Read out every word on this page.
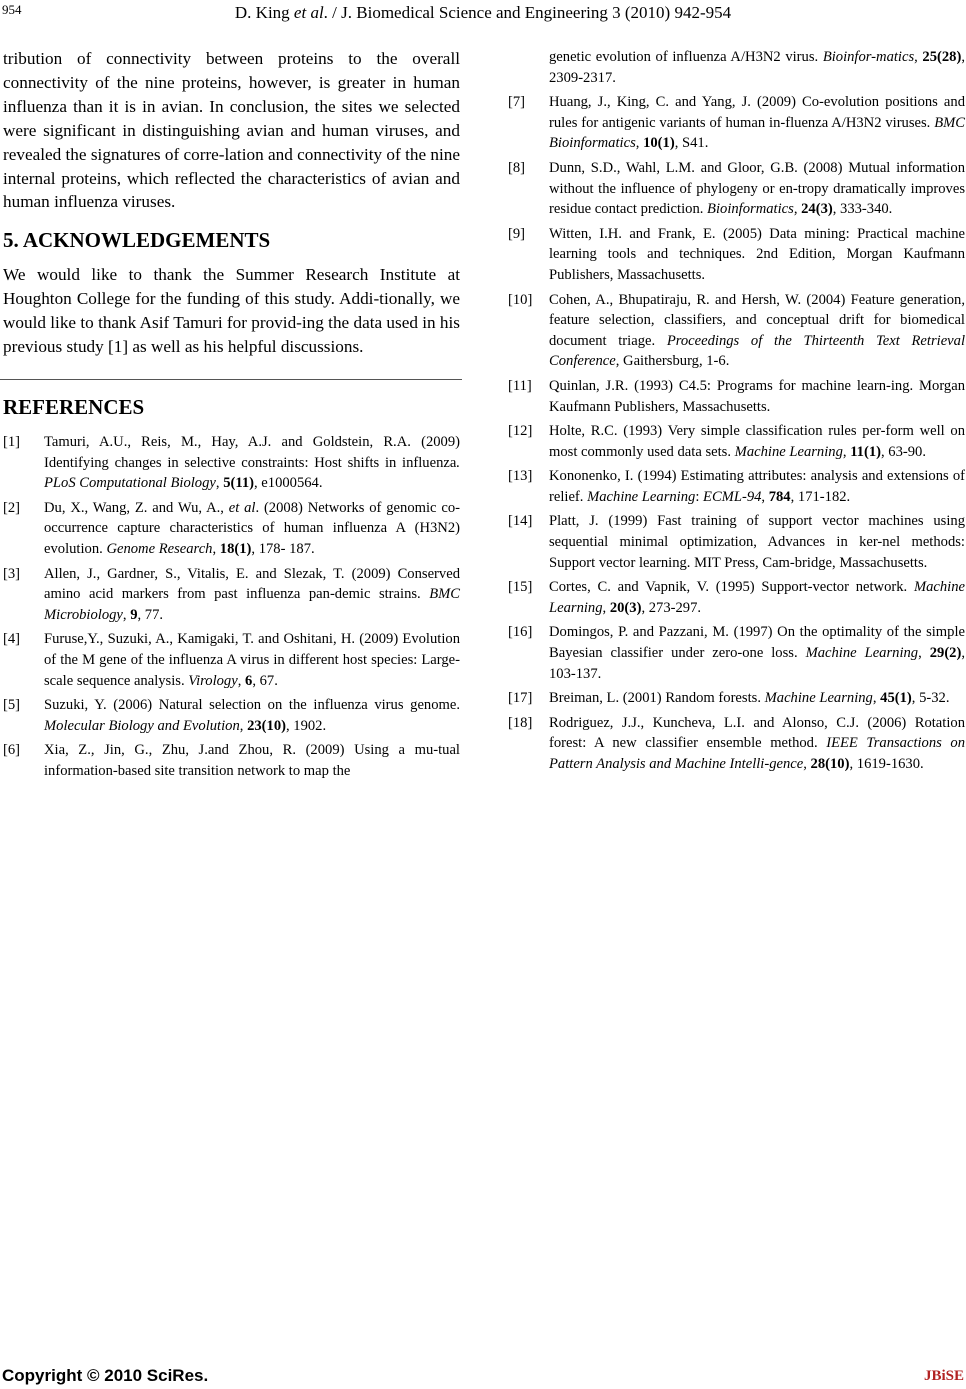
954	D. King et al. / J. Biomedical Science and Engineering 3 (2010) 942-954

tribution of connectivity between proteins to the overall connectivity of the nine proteins, however, is greater in human influenza than it is in avian. In conclusion, the sites we selected were significant in distinguishing avian and human viruses, and revealed the signatures of corre-lation and connectivity of the nine internal proteins, which reflected the characteristics of avian and human influenza viruses.

5. ACKNOWLEDGEMENTS

We would like to thank the Summer Research Institute at Houghton College for the funding of this study. Addi-tionally, we would like to thank Asif Tamuri for provid-ing the data used in his previous study [1] as well as his helpful discussions.

REFERENCES

[1] Tamuri, A.U., Reis, M., Hay, A.J. and Goldstein, R.A. (2009) Identifying changes in selective constraints: Host shifts in influenza. PLoS Computational Biology, 5(11), e1000564.

[2] Du, X., Wang, Z. and Wu, A., et al. (2008) Networks of genomic co-occurrence capture characteristics of human influenza A (H3N2) evolution. Genome Research, 18(1), 178- 187.

[3] Allen, J., Gardner, S., Vitalis, E. and Slezak, T. (2009) Conserved amino acid markers from past influenza pan-demic strains. BMC Microbiology, 9, 77.

[4] Furuse,Y., Suzuki, A., Kamigaki, T. and Oshitani, H. (2009) Evolution of the M gene of the influenza A virus in different host species: Large-scale sequence analysis. Virology, 6, 67.

[5] Suzuki, Y. (2006) Natural selection on the influenza virus genome. Molecular Biology and Evolution, 23(10), 1902.

[6] Xia, Z., Jin, G., Zhu, J.and Zhou, R. (2009) Using a mu-tual information-based site transition network to map the

genetic evolution of influenza A/H3N2 virus. Bioinfor-matics, 25(28), 2309-2317.

[7] Huang, J., King, C. and Yang, J. (2009) Co-evolution positions and rules for antigenic variants of human in-fluenza A/H3N2 viruses. BMC Bioinformatics, 10(1), S41.

[8] Dunn, S.D., Wahl, L.M. and Gloor, G.B. (2008) Mutual information without the influence of phylogeny or en-tropy dramatically improves residue contact prediction. Bioinformatics, 24(3), 333-340.

[9] Witten, I.H. and Frank, E. (2005) Data mining: Practical machine learning tools and techniques. 2nd Edition, Morgan Kaufmann Publishers, Massachusetts.

[10] Cohen, A., Bhupatiraju, R. and Hersh, W. (2004) Feature generation, feature selection, classifiers, and conceptual drift for biomedical document triage. Proceedings of the Thirteenth Text Retrieval Conference, Gaithersburg, 1-6.

[11] Quinlan, J.R. (1993) C4.5: Programs for machine learn-ing. Morgan Kaufmann Publishers, Massachusetts.

[12] Holte, R.C. (1993) Very simple classification rules per-form well on most commonly used data sets. Machine Learning, 11(1), 63-90.

[13] Kononenko, I. (1994) Estimating attributes: analysis and extensions of relief. Machine Learning: ECML-94, 784, 171-182.

[14] Platt, J. (1999) Fast training of support vector machines using sequential minimal optimization, Advances in ker-nel methods: Support vector learning. MIT Press, Cam-bridge, Massachusetts.

[15] Cortes, C. and Vapnik, V. (1995) Support-vector network. Machine Learning, 20(3), 273-297.

[16] Domingos, P. and Pazzani, M. (1997) On the optimality of the simple Bayesian classifier under zero-one loss. Machine Learning, 29(2), 103-137.

[17] Breiman, L. (2001) Random forests. Machine Learning, 45(1), 5-32.

[18] Rodriguez, J.J., Kuncheva, L.I. and Alonso, C.J. (2006) Rotation forest: A new classifier ensemble method. IEEE Transactions on Pattern Analysis and Machine Intelli-gence, 28(10), 1619-1630.

Copyright © 2010 SciRes.	JBiSE
